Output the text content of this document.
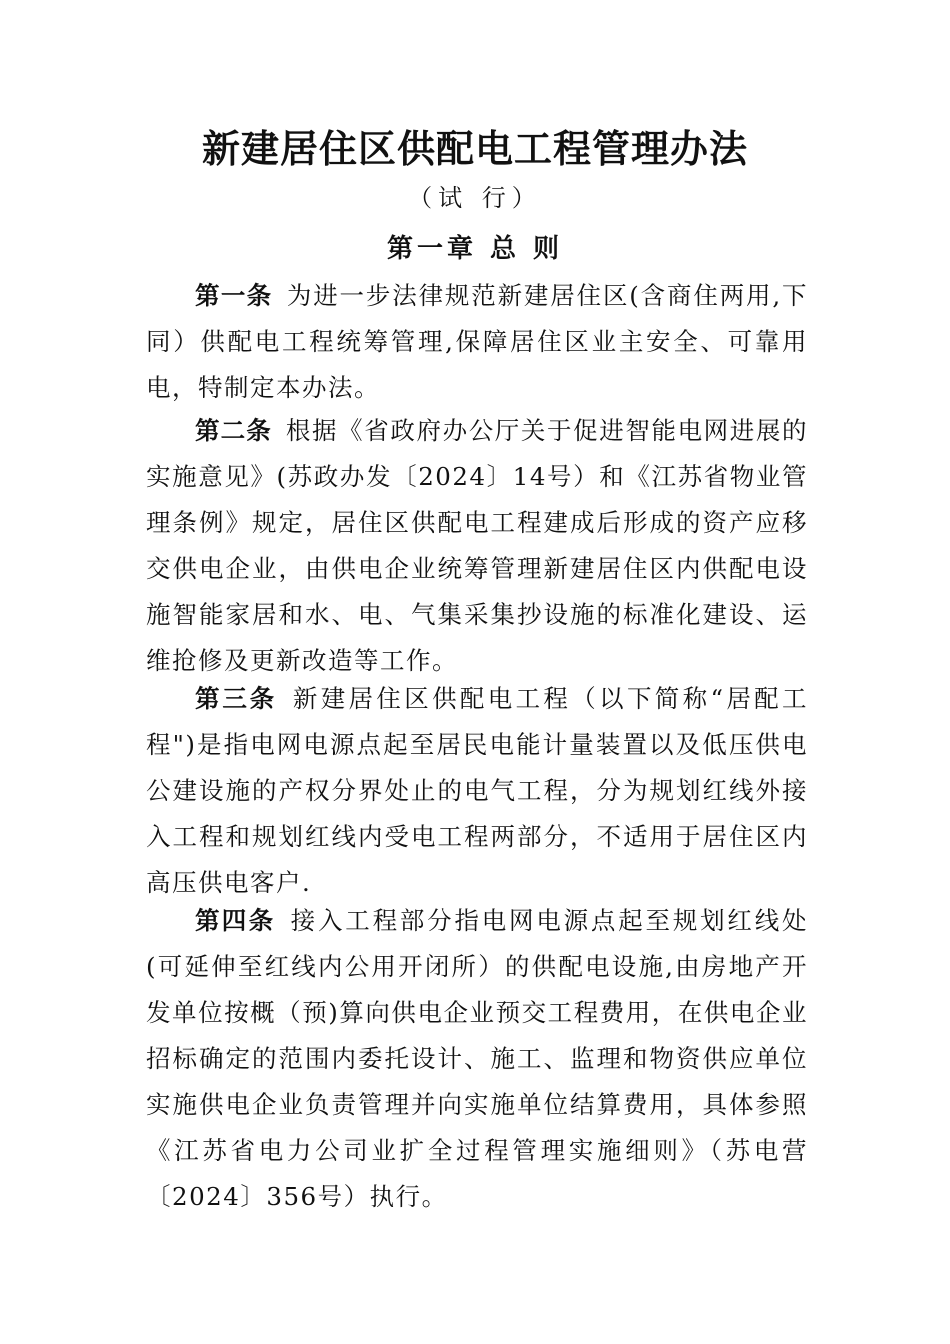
新建居住区供配电工程管理办法
（试 行）
第一章 总 则

第一条 为进一步法律规范新建居住区(含商住两用,下同）供配电工程统筹管理,保障居住区业主安全、可靠用电，特制定本办法。

第二条 根据《省政府办公厅关于促进智能电网进展的实施意见》(苏政办发〔2024〕14号）和《江苏省物业管理条例》规定，居住区供配电工程建成后形成的资产应移交供电企业，由供电企业统筹管理新建居住区内供配电设施智能家居和水、电、气集采集抄设施的标准化建设、运维抢修及更新改造等工作。

第三条 新建居住区供配电工程（以下简称“居配工程")是指电网电源点起至居民电能计量装置以及低压供电公建设施的产权分界处止的电气工程，分为规划红线外接入工程和规划红线内受电工程两部分，不适用于居住区内高压供电客户.

第四条 接入工程部分指电网电源点起至规划红线处(可延伸至红线内公用开闭所）的供配电设施,由房地产开发单位按概（预)算向供电企业预交工程费用，在供电企业招标确定的范围内委托设计、施工、监理和物资供应单位实施供电企业负责管理并向实施单位结算费用，具体参照《江苏省电力公司业扩全过程管理实施细则》（苏电营〔2024〕356号）执行。
